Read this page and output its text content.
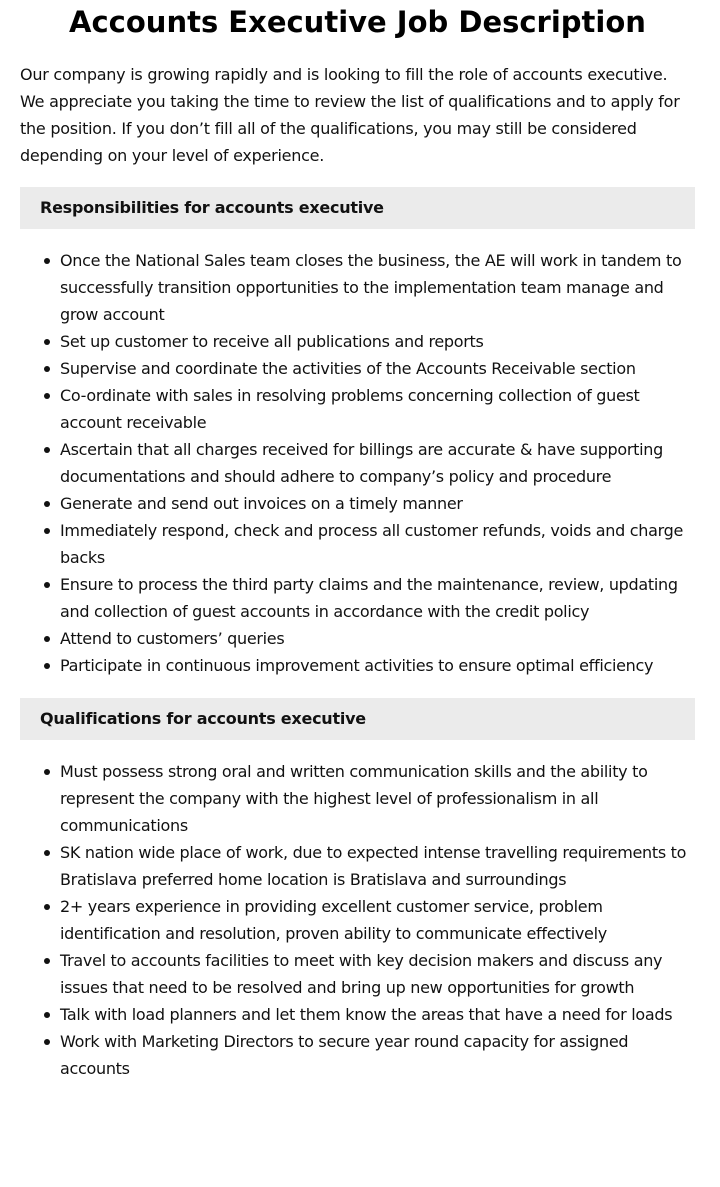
Accounts Executive Job Description

Our company is growing rapidly and is looking to fill the role of accounts executive. We appreciate you taking the time to review the list of qualifications and to apply for the position. If you don’t fill all of the qualifications, you may still be considered depending on your level of experience.

Responsibilities for accounts executive
Once the National Sales team closes the business, the AE will work in tandem to successfully transition opportunities to the implementation team manage and grow account
Set up customer to receive all publications and reports
Supervise and coordinate the activities of the Accounts Receivable section
Co-ordinate with sales in resolving problems concerning collection of guest account receivable
Ascertain that all charges received for billings are accurate & have supporting documentations and should adhere to company’s policy and procedure
Generate and send out invoices on a timely manner
Immediately respond, check and process all customer refunds, voids and charge backs
Ensure to process the third party claims and the maintenance, review, updating and collection of guest accounts in accordance with the credit policy
Attend to customers’ queries
Participate in continuous improvement activities to ensure optimal efficiency
Qualifications for accounts executive
Must possess strong oral and written communication skills and the ability to represent the company with the highest level of professionalism in all communications
SK nation wide place of work, due to expected intense travelling requirements to Bratislava preferred home location is Bratislava and surroundings
2+ years experience in providing excellent customer service, problem identification and resolution, proven ability to communicate effectively
Travel to accounts facilities to meet with key decision makers and discuss any issues that need to be resolved and bring up new opportunities for growth
Talk with load planners and let them know the areas that have a need for loads
Work with Marketing Directors to secure year round capacity for assigned accounts
